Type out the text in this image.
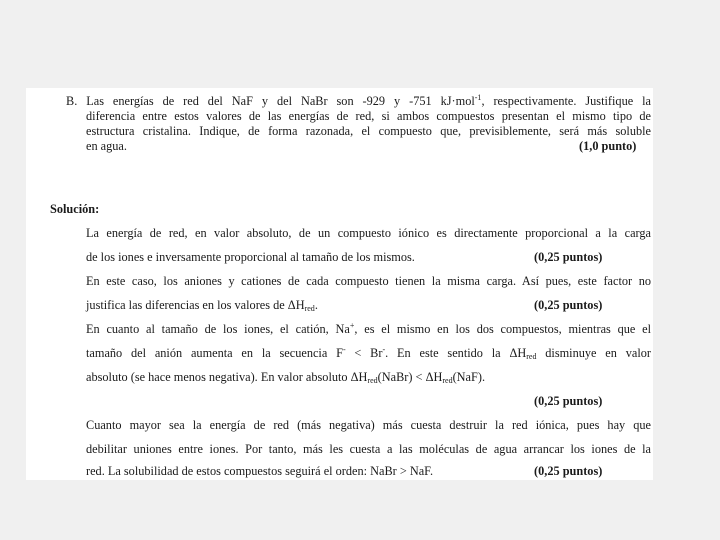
B. Las energías de red del NaF y del NaBr son -929 y -751 kJ·mol$^{-1}$, respectivamente. Justifique la
diferencia entre estos valores de las energías de red, si ambos compuestos presentan el mismo tipo de
estructura cristalina. Indique, de forma razonada, el compuesto que, previsiblemente, será más soluble
en agua.	(1,0 punto)
Solución:
La energía de red, en valor absoluto, de un compuesto iónico es directamente proporcional a la carga
de los iones e inversamente proporcional al tamaño de los mismos.	(0,25 puntos)
En este caso, los aniones y cationes de cada compuesto tienen la misma carga. Así pues, este factor no
justifica las diferencias en los valores de $\Delta H_{red}$.	(0,25 puntos)
En cuanto al tamaño de los iones, el catión, Na+, es el mismo en los dos compuestos, mientras que el
tamaño del anión aumenta en la secuencia F- < Br-. En este sentido la $\Delta H_{red}$ disminuye en valor
absoluto (se hace menos negativa). En valor absoluto $\Delta H_{red}(NaBr) < \Delta H_{red}(NaF)$.
(0,25 puntos)
Cuanto mayor sea la energía de red (más negativa) más cuesta destruir la red iónica, pues hay que
debilitar uniones entre iones. Por tanto, más les cuesta a las moléculas de agua arrancar los iones de la
red. La solubilidad de estos compuestos seguirá el orden: NaBr > NaF.	(0,25 puntos)
